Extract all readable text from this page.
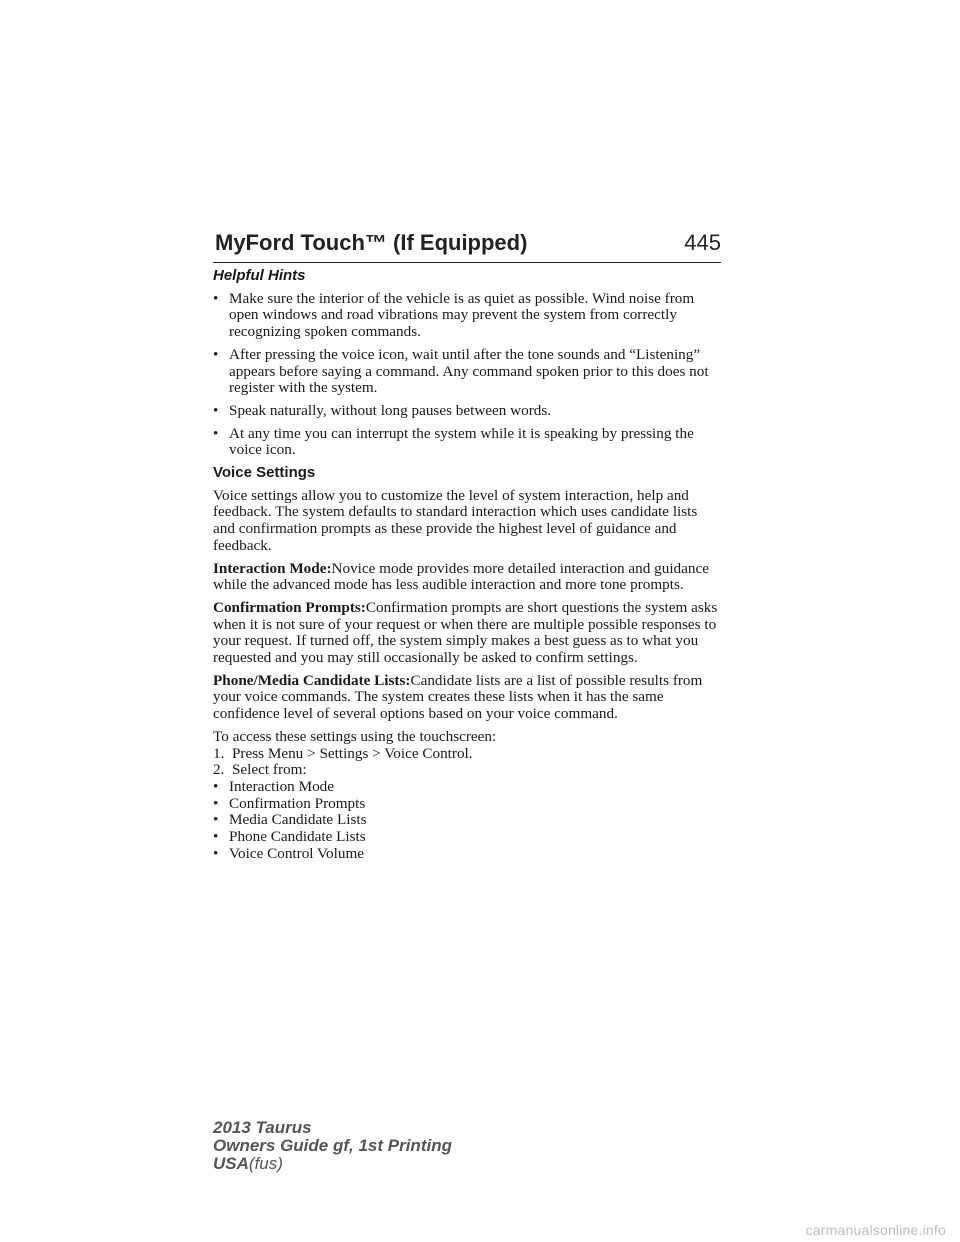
MyFord Touch™ (If Equipped)	445
Helpful Hints
• Make sure the interior of the vehicle is as quiet as possible. Wind noise from open windows and road vibrations may prevent the system from correctly recognizing spoken commands.
• After pressing the voice icon, wait until after the tone sounds and “Listening” appears before saying a command. Any command spoken prior to this does not register with the system.
• Speak naturally, without long pauses between words.
• At any time you can interrupt the system while it is speaking by pressing the voice icon.
Voice Settings

Voice settings allow you to customize the level of system interaction, help and feedback. The system defaults to standard interaction which uses candidate lists and confirmation prompts as these provide the highest level of guidance and feedback.

Interaction Mode:Novice mode provides more detailed interaction and guidance while the advanced mode has less audible interaction and more tone prompts.

Confirmation Prompts:Confirmation prompts are short questions the system asks when it is not sure of your request or when there are multiple possible responses to your request. If turned off, the system simply makes a best guess as to what you requested and you may still occasionally be asked to confirm settings.

Phone/Media Candidate Lists:Candidate lists are a list of possible results from your voice commands. The system creates these lists when it has the same confidence level of several options based on your voice command.

To access these settings using the touchscreen:

1.  Press Menu > Settings > Voice Control.

2.  Select from:

• Interaction Mode
• Confirmation Prompts
• Media Candidate Lists
• Phone Candidate Lists
• Voice Control Volume
2013 Taurus
Owners Guide gf, 1st Printing
USA(fus)
carmanualsonline.info
